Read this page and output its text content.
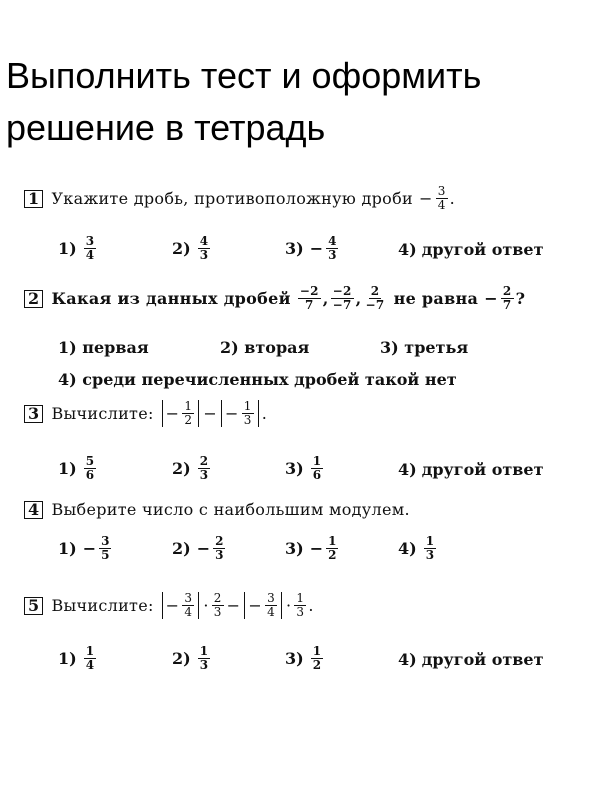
Выполнить тест и оформить решение в тетрадь
1 Укажите дробь, противоположную дроби − $\frac{3}{4}$ .
$1) \frac{3}{4}$	$2) \frac{4}{3}$	$3) - \frac{4}{3}$	4) другой ответ
2 Какая из данных дробей $\frac{-2}{7}$ , $\frac{-2}{-7}$ , $\frac{2}{-7}$ не равна − $\frac{2}{7}$ ?
1) первая	2) вторая	3) третья
4) среди перечисленных дробей такой нет
3 Вычислите: − $\frac{1}{2}$ − − $\frac{1}{3}$ .
$1) \frac{5}{6}$	$2) \frac{2}{3}$	$3) \frac{1}{6}$	4) другой ответ
4 Выберите число с наибольшим модулем.
$1) - \frac{3}{5}$	$2) - \frac{2}{3}$	$3) - \frac{1}{2}$	$4) \frac{1}{3}$
5 Вычислите: − $\frac{3}{4} \cdot \frac{2}{3}$ − − $\frac{3}{4} \cdot \frac{1}{3}$ .
$1) \frac{1}{4}$	$2) \frac{1}{3}$	$3) \frac{1}{2}$	4) другой ответ
